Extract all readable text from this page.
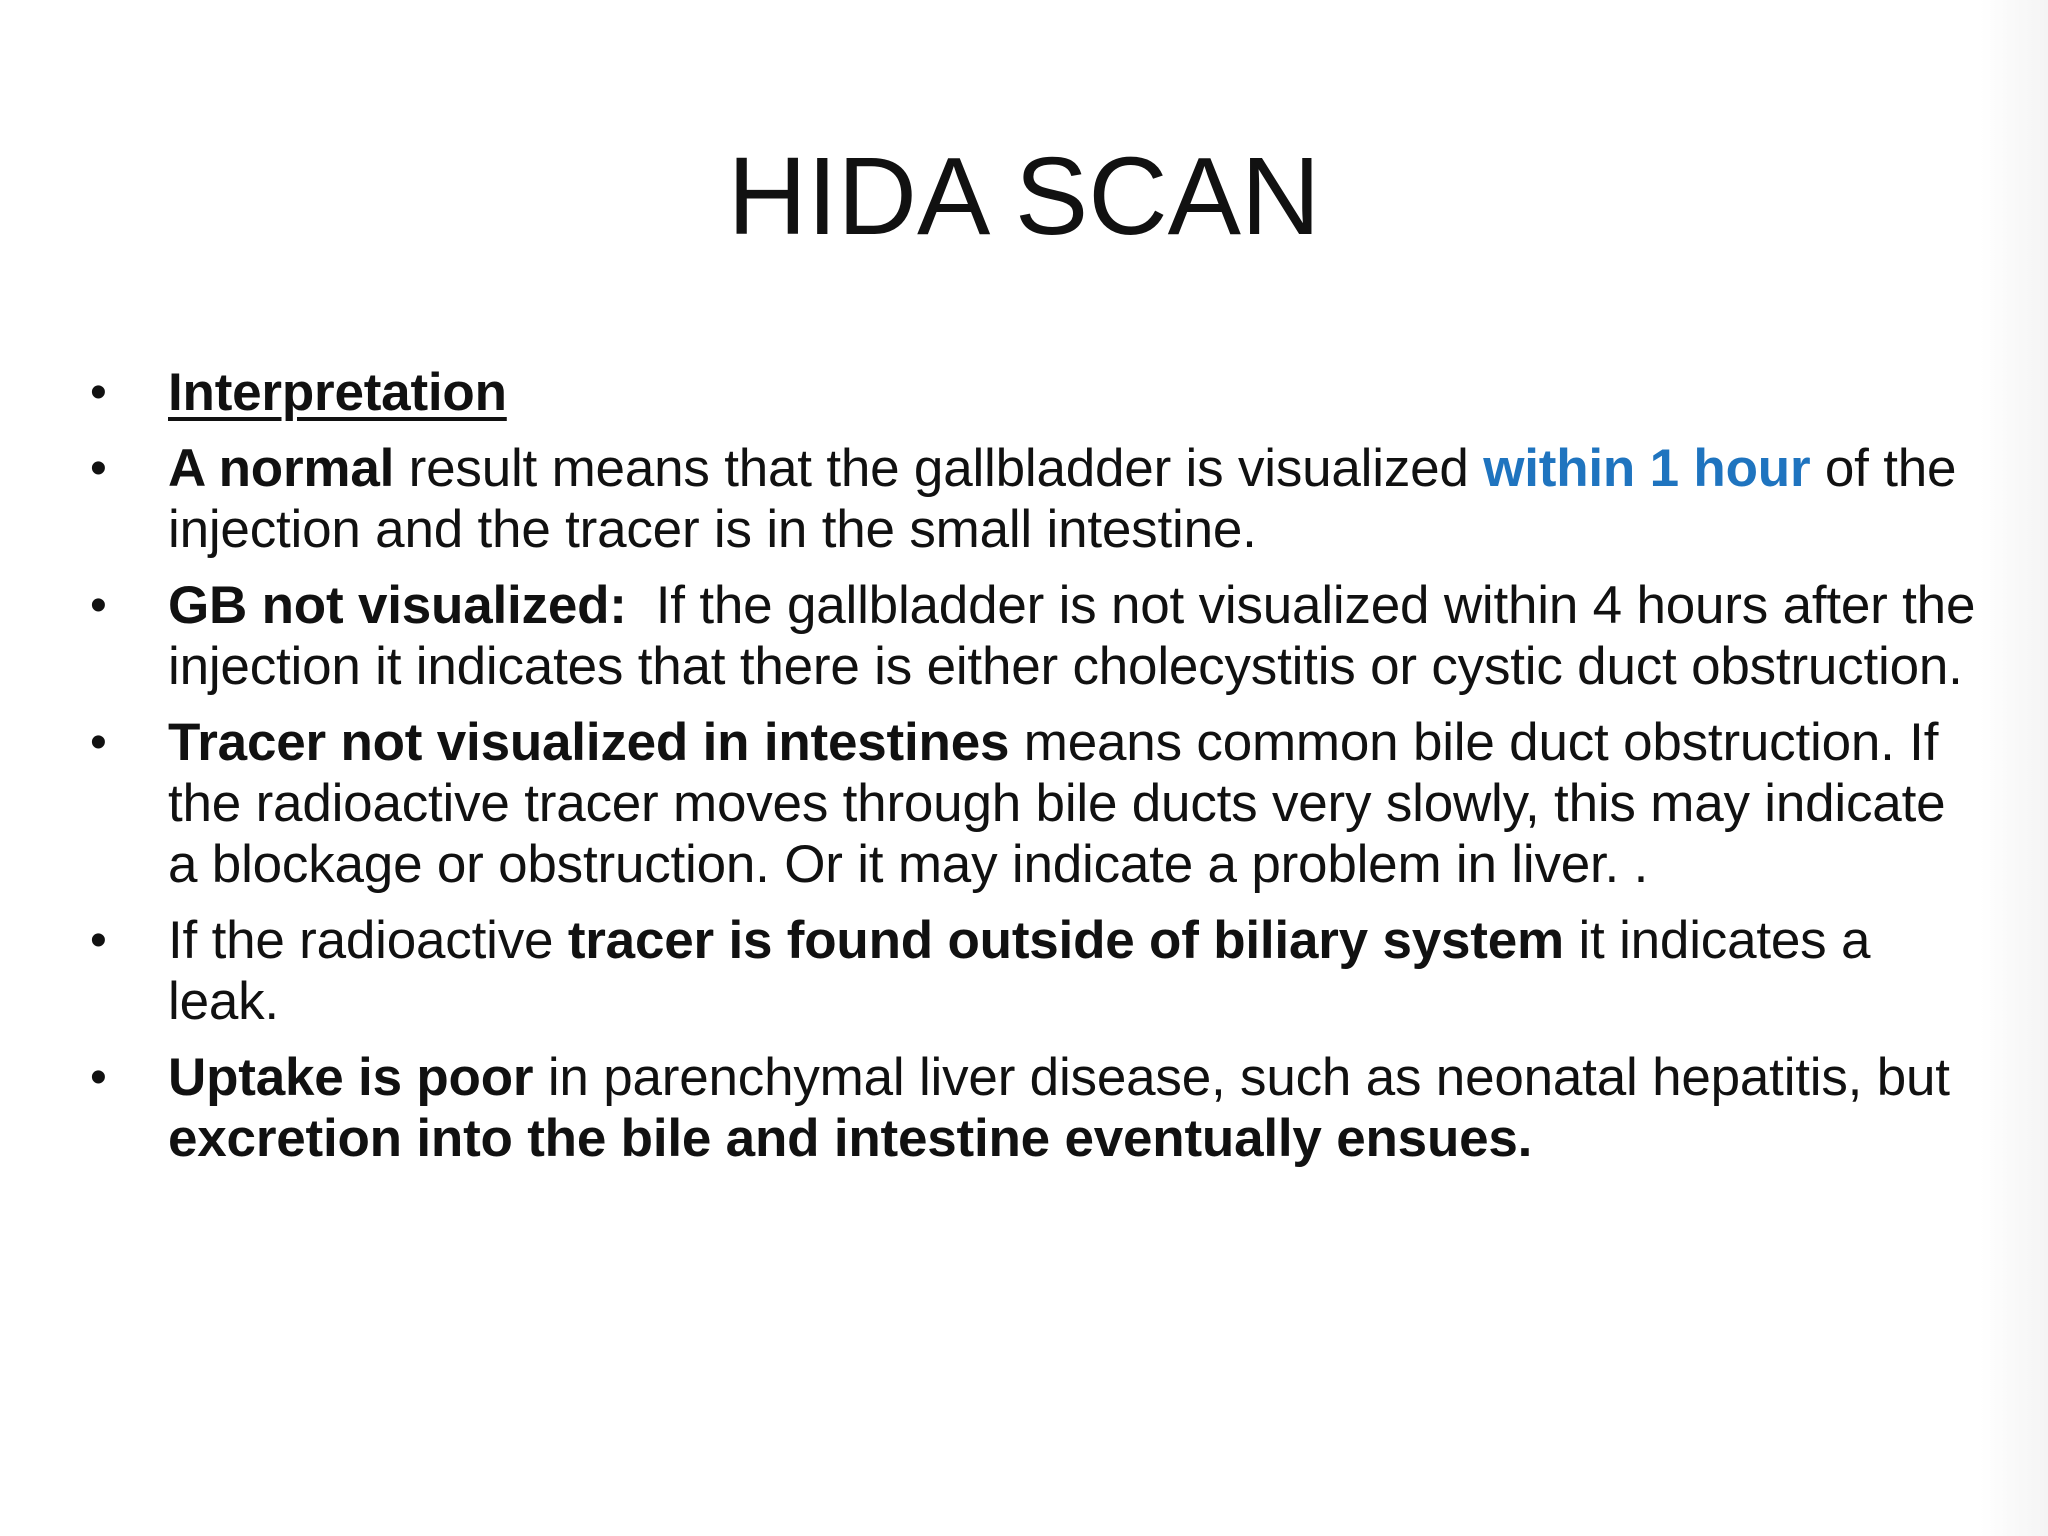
HIDA SCAN
• Interpretation
• A normal result means that the gallbladder is visualized within 1 hour of the injection and the tracer is in the small intestine.
• GB not visualized:  If the gallbladder is not visualized within 4 hours after the injection it indicates that there is either cholecystitis or cystic duct obstruction.
• Tracer not visualized in intestines means common bile duct obstruction. If the radioactive tracer moves through bile ducts very slowly, this may indicate a blockage or obstruction. Or it may indicate a problem in liver. .
• If the radioactive tracer is found outside of biliary system it indicates a leak.
• Uptake is poor in parenchymal liver disease, such as neonatal hepatitis, but excretion into the bile and intestine eventually ensues.
